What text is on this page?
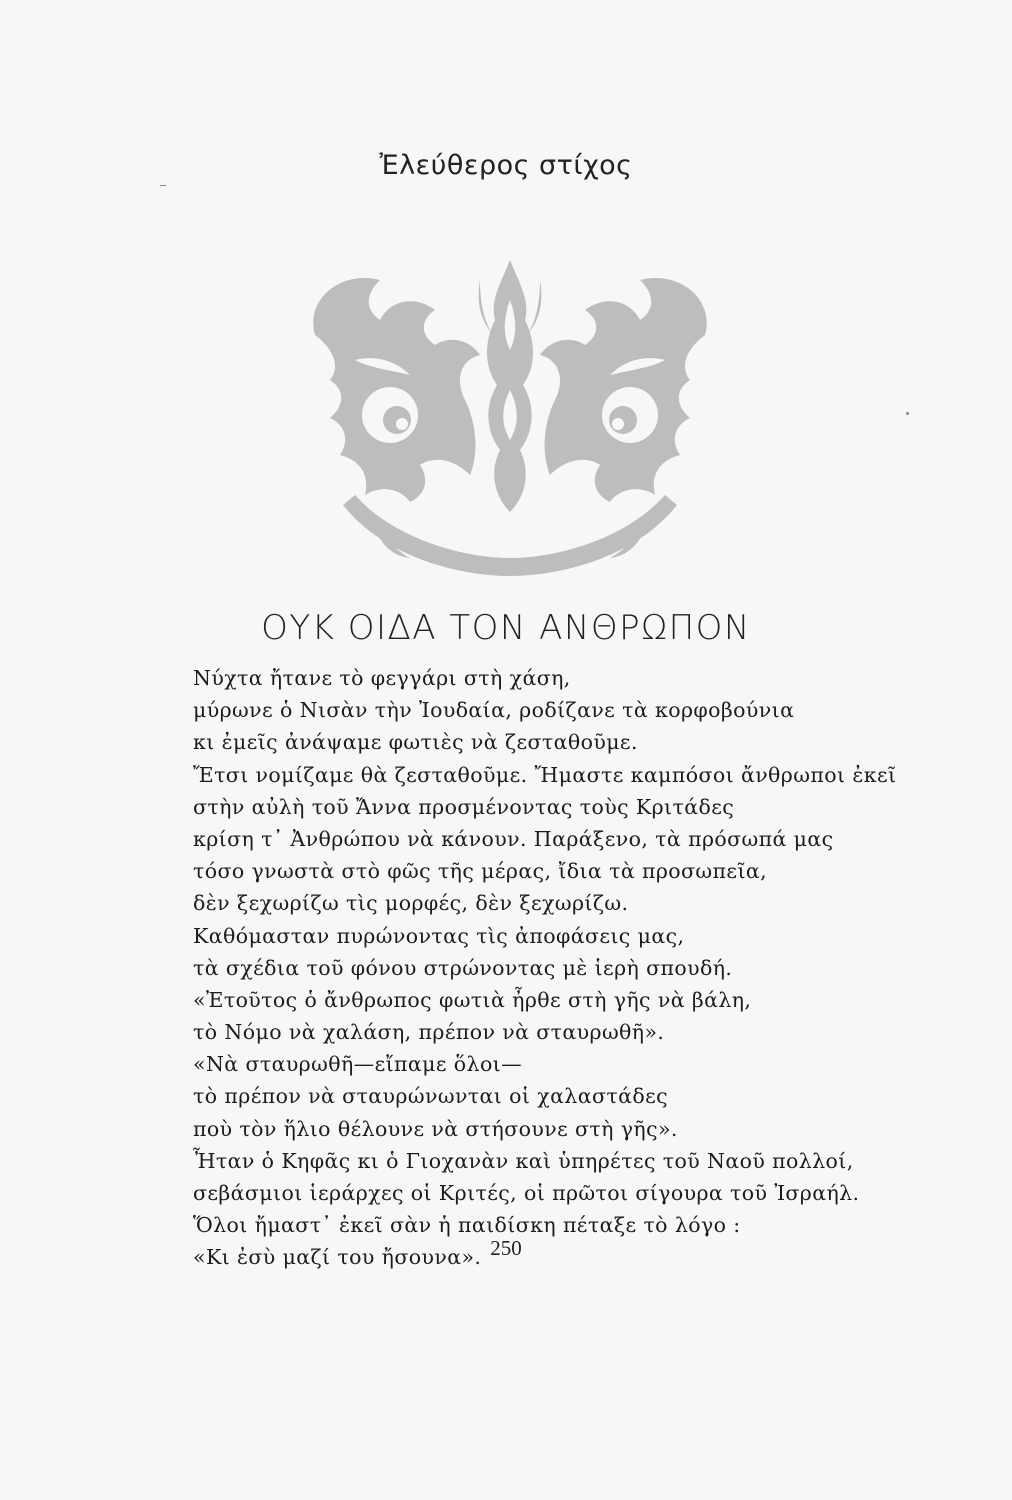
Ἐλεύθερος στίχος
ΟΥΚ ΟΙΔΑ ΤΟΝ ΑΝΘΡΩΠΟΝ
Νύχτα ἤτανε τὸ φεγγάρι στὴ χάση,
μύρωνε ὁ Νισὰν τὴν Ἰουδαία, ροδίζανε τὰ κορφοβούνια
κι ἐμεῖς ἀνάψαμε φωτιὲς νὰ ζεσταθοῦμε.
Ἔτσι νομίζαμε θὰ ζεσταθοῦμε. Ἤμαστε καμπόσοι ἄνθρωποι ἐκεῖ
στὴν αὐλὴ τοῦ Ἄννα προσμένοντας τοὺς Κριτάδες
κρίση τ᾽ Ἀνθρώπου νὰ κάνουν. Παράξενο, τὰ πρόσωπά μας
τόσο γνωστὰ στὸ φῶς τῆς μέρας, ἴδια τὰ προσωπεῖα,
δὲν ξεχωρίζω τὶς μορφές, δὲν ξεχωρίζω.
Καθόμασταν πυρώνοντας τὶς ἀποφάσεις μας,
τὰ σχέδια τοῦ φόνου στρώνοντας μὲ ἱερὴ σπουδή.
«Ἐτοῦτος ὁ ἄνθρωπος φωτιὰ ἦρθε στὴ γῆς νὰ βάλη,
τὸ Νόμο νὰ χαλάση, πρέπον νὰ σταυρωθῆ».
«Νὰ σταυρωθῆ—εἴπαμε ὅλοι—
τὸ πρέπον νὰ σταυρώνωνται οἱ χαλαστάδες
ποὺ τὸν ἥλιο θέλουνε νὰ στήσουνε στὴ γῆς».
Ἦταν ὁ Κηφᾶς κι ὁ Γιοχανὰν καὶ ὑπηρέτες τοῦ Ναοῦ πολλοί,
σεβάσμιοι ἱεράρχες οἱ Κριτές, οἱ πρῶτοι σίγουρα τοῦ Ἰσραήλ.
Ὅλοι ἤμαστ᾽ ἐκεῖ σὰν ἡ παιδίσκη πέταξε τὸ λόγο :
«Κι ἐσὺ μαζί του ἤσουνα». 250
